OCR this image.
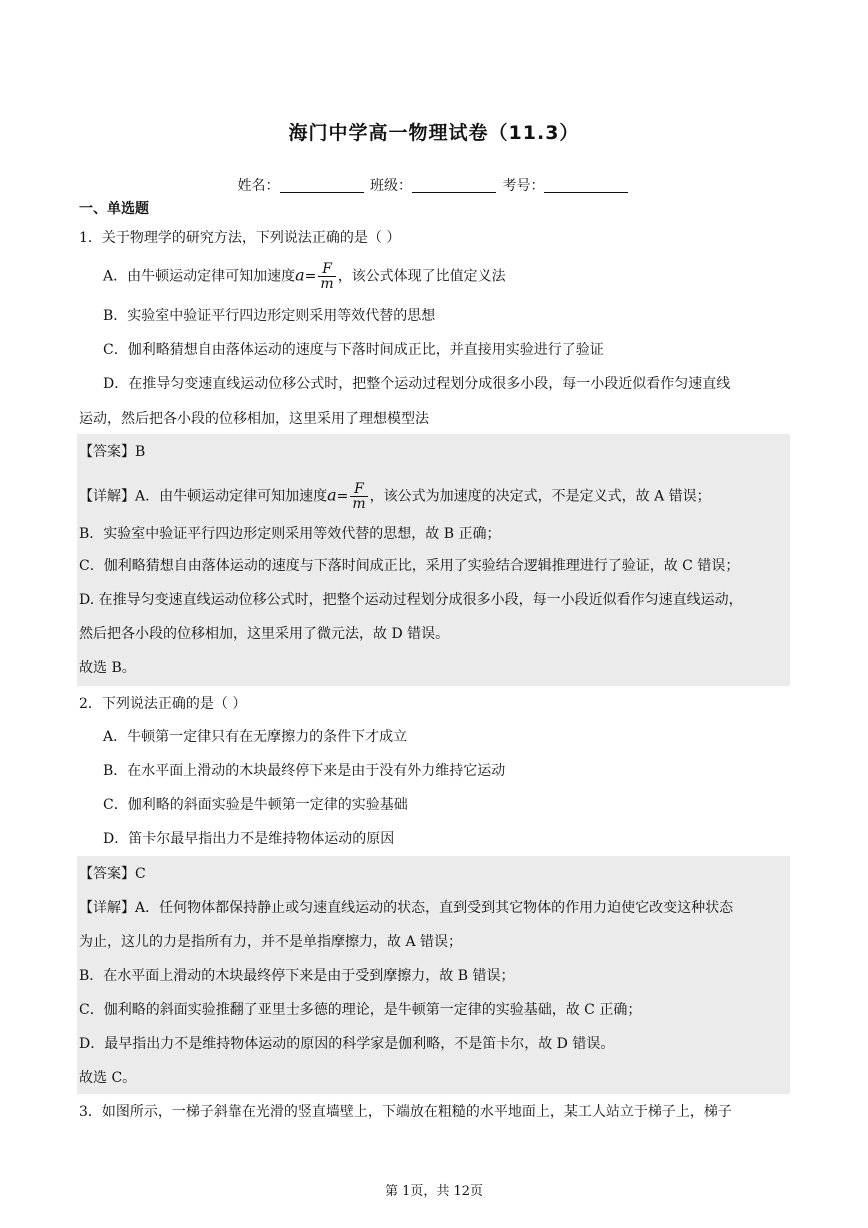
海门中学高一物理试卷（11.3）
姓名：	班级：	考号：
一、单选题
1．关于物理学的研究方法，下列说法正确的是（ ）
A．由牛顿运动定律可知加速度$a= \frac{F}{m}$ ，该公式体现了比值定义法
B．实验室中验证平行四边形定则采用等效代替的思想
C．伽利略猜想自由落体运动的速度与下落时间成正比，并直接用实验进行了验证
D．在推导匀变速直线运动位移公式时，把整个运动过程划分成很多小段，每一小段近似看作匀速直线
运动，然后把各小段的位移相加，这里采用了理想模型法
【答案】B
【详解】A．由牛顿运动定律可知加速度$a= \frac{F}{m}$ ，该公式为加速度的决定式，不是定义式，故 A 错误；
B．实验室中验证平行四边形定则采用等效代替的思想，故 B 正确；
C．伽利略猜想自由落体运动的速度与下落时间成正比，采用了实验结合逻辑推理进行了验证，故 C 错误；
D. 在推导匀变速直线运动位移公式时，把整个运动过程划分成很多小段，每一小段近似看作匀速直线运动，
然后把各小段的位移相加，这里采用了微元法，故 D 错误。
故选 B。
2．下列说法正确的是（ ）
A．牛顿第一定律只有在无摩擦力的条件下才成立
B．在水平面上滑动的木块最终停下来是由于没有外力维持它运动
C．伽利略的斜面实验是牛顿第一定律的实验基础
D．笛卡尔最早指出力不是维持物体运动的原因
【答案】C
【详解】A．任何物体都保持静止或匀速直线运动的状态，直到受到其它物体的作用力迫使它改变这种状态
为止，这儿的力是指所有力，并不是单指摩擦力，故 A 错误；
B．在水平面上滑动的木块最终停下来是由于受到摩擦力，故 B 错误；
C．伽利略的斜面实验推翻了亚里士多德的理论，是牛顿第一定律的实验基础，故 C 正确；
D．最早指出力不是维持物体运动的原因的科学家是伽利略，不是笛卡尔，故 D 错误。
故选 C。
3．如图所示，一梯子斜靠在光滑的竖直墙壁上，下端放在粗糙的水平地面上，某工人站立于梯子上，梯子
第 1页，共 12页
